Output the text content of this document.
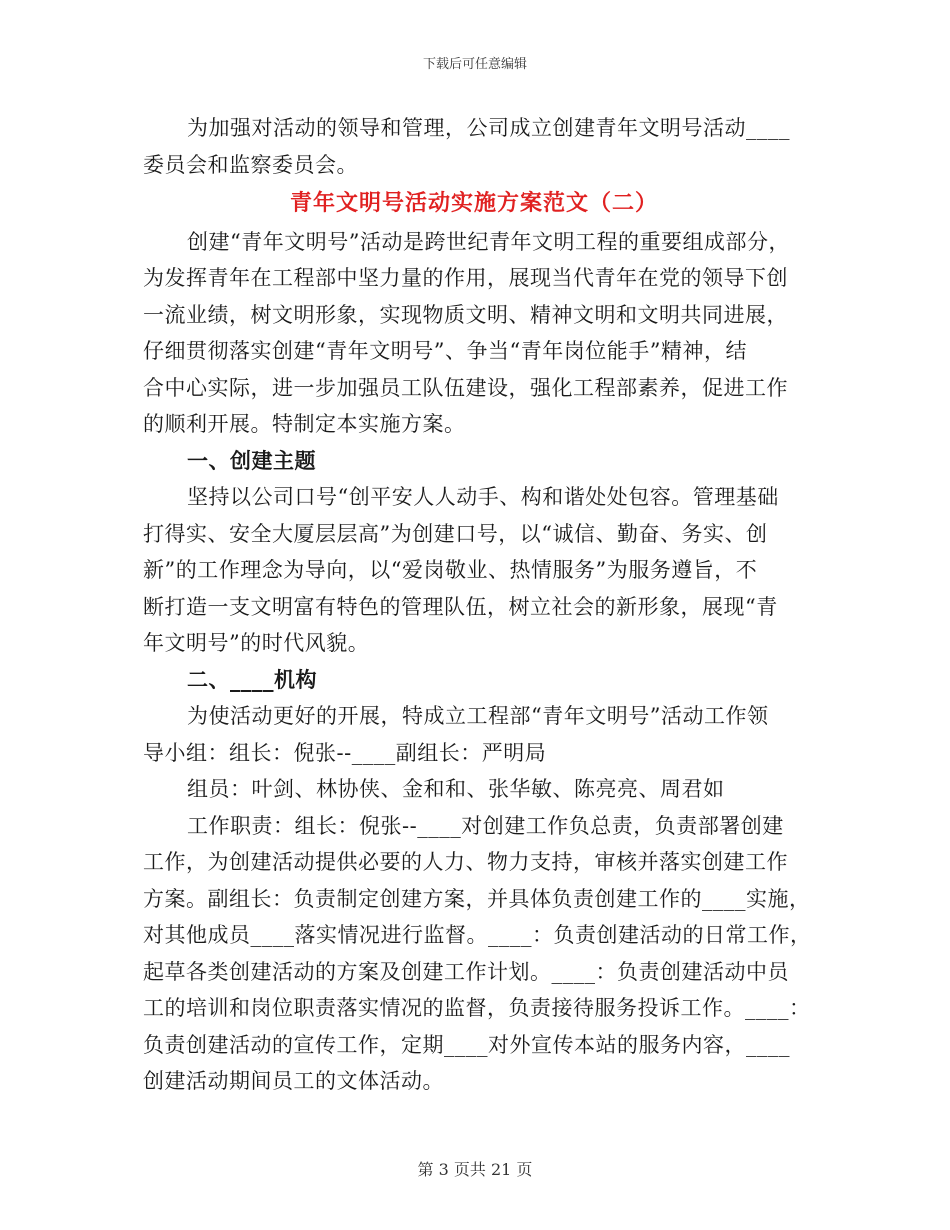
下载后可任意编辑

为加强对活动的领导和管理，公司成立创建青年文明号活动____

委员会和监察委员会。

青年文明号活动实施方案范文（二）

创建“青年文明号”活动是跨世纪青年文明工程的重要组成部分，

为发挥青年在工程部中坚力量的作用，展现当代青年在党的领导下创
一流业绩，树文明形象，实现物质文明、精神文明和文明共同进展，
仔细贯彻落实创建“青年文明号”、争当“青年岗位能手”精神，结
合中心实际，进一步加强员工队伍建设，强化工程部素养，促进工作
的顺利开展。特制定本实施方案。

一、创建主题

坚持以公司口号“创平安人人动手、构和谐处处包容。管理基础

打得实、安全大厦层层高”为创建口号，以“诚信、勤奋、务实、创
新”的工作理念为导向，以“爱岗敬业、热情服务”为服务遵旨，不
断打造一支文明富有特色的管理队伍，树立社会的新形象，展现“青
年文明号”的时代风貌。

二、____机构

为使活动更好的开展，特成立工程部“青年文明号”活动工作领

导小组：组长：倪张--____副组长：严明局

组员：叶剑、林协侠、金和和、张华敏、陈亮亮、周君如

工作职责：组长：倪张--____对创建工作负总责，负责部署创建

工作，为创建活动提供必要的人力、物力支持，审核并落实创建工作
方案。副组长：负责制定创建方案，并具体负责创建工作的____实施，
对其他成员____落实情况进行监督。____：负责创建活动的日常工作，
起草各类创建活动的方案及创建工作计划。____：负责创建活动中员
工的培训和岗位职责落实情况的监督，负责接待服务投诉工作。____：
负责创建活动的宣传工作，定期____对外宣传本站的服务内容，____
创建活动期间员工的文体活动。

第 3 页共 21 页
